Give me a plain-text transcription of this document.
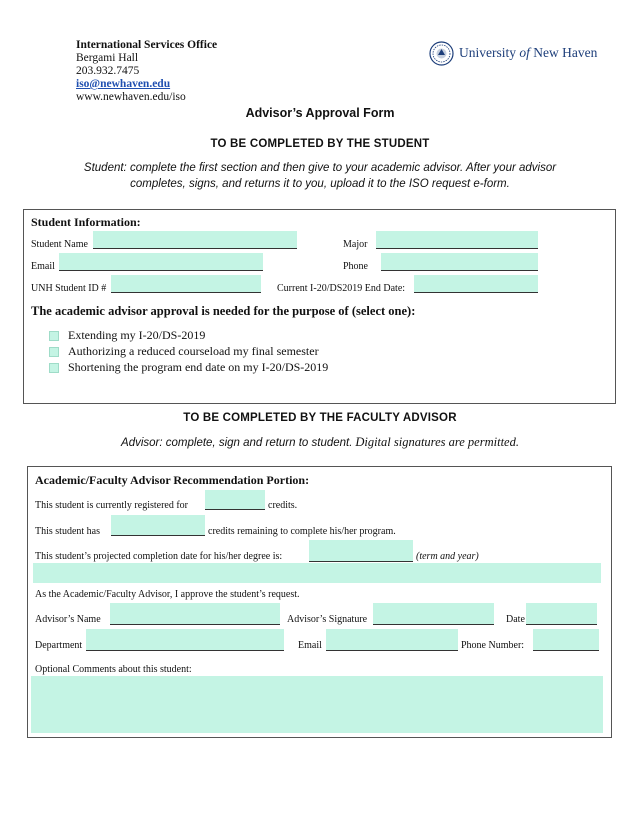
International Services Office
Bergami Hall
203.932.7475
iso@newhaven.edu
www.newhaven.edu/iso
University of New Haven
Advisor’s Approval Form
TO BE COMPLETED BY THE STUDENT
Student: complete the first section and then give to your academic advisor. After your advisor completes, signs, and returns it to you, upload it to the ISO request e-form.
Student Information:
Student Name	Major
Email	Phone
UNH Student ID #	Current I-20/DS2019 End Date:
The academic advisor approval is needed for the purpose of (select one):
Extending my I-20/DS-2019
Authorizing a reduced courseload my final semester
Shortening the program end date on my I-20/DS-2019
TO BE COMPLETED BY THE FACULTY ADVISOR
Advisor: complete, sign and return to student. Digital signatures are permitted.
Academic/Faculty Advisor Recommendation Portion:
This student is currently registered for	credits.
This student has	credits remaining to complete his/her program.
This student’s projected completion date for his/her degree is:	(term and year)
As the Academic/Faculty Advisor, I approve the student’s request.
Advisor’s Name	Advisor’s Signature	Date
Department	Email	Phone Number:
Optional Comments about this student:
